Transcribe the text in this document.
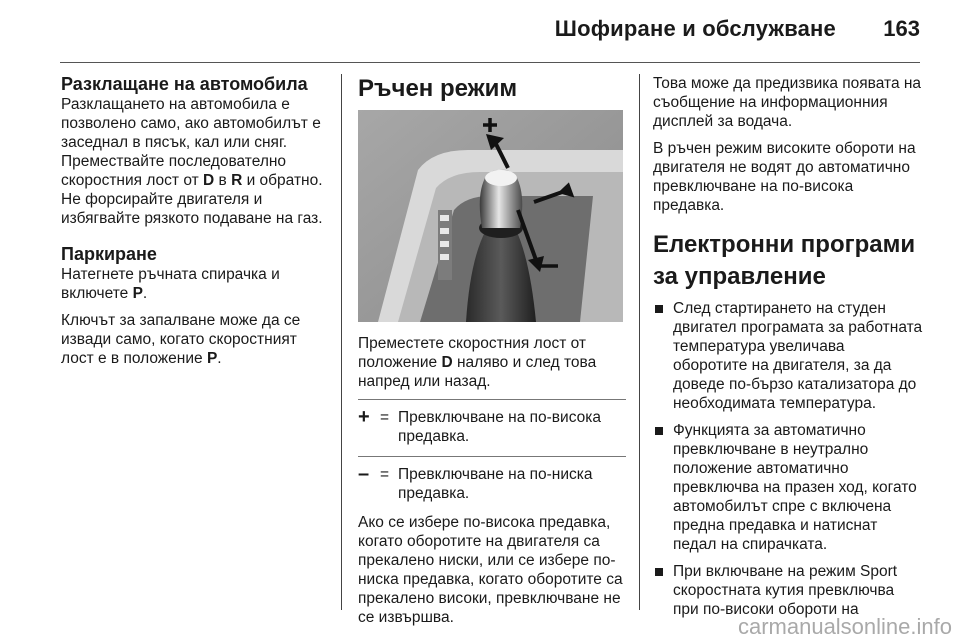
Шофиране и обслужване 163
Разклащане на автомобила

Разклащането на автомобила е позволено само, ако автомобилът е заседнал в пясък, кал или сняг. Премествайте последователно скоростния лост от D в R и обратно. Не форсирайте двигателя и избягвайте рязкото подаване на газ.

Паркиране

Натегнете ръчната спирачка и включете P.

Ключът за запалване може да се извади само, когато скоростният лост е в положение P.

Ръчен режим

Преместете скоростния лост от положение D наляво и след това напред или назад.

+ = Превключване на по-висока предавка.
– = Превключване на по-ниска предавка.

Ако се избере по-висока предавка, когато оборотите на двигателя са прекалено ниски, или се избере по-ниска предавка, когато оборотите са прекалено високи, превключване не се извършва.

Това може да предизвика появата на съобщение на информационния дисплей за водача.

В ръчен режим високите обороти на двигателя не водят до автоматично превключване на по-висока предавка.

Електронни програми за управление
След стартирането на студен двигател програмата за работната температура увеличава оборотите на двигателя, за да доведе по-бързо катализатора до необходимата температура.
Функцията за автоматично превключване в неутрално положение автоматично превключва на празен ход, когато автомобилът спре с включена предна предавка и натиснат педал на спирачката.
При включване на режим Sport скоростната кутия превключва при по-високи обороти на
carmanualsonline.info
